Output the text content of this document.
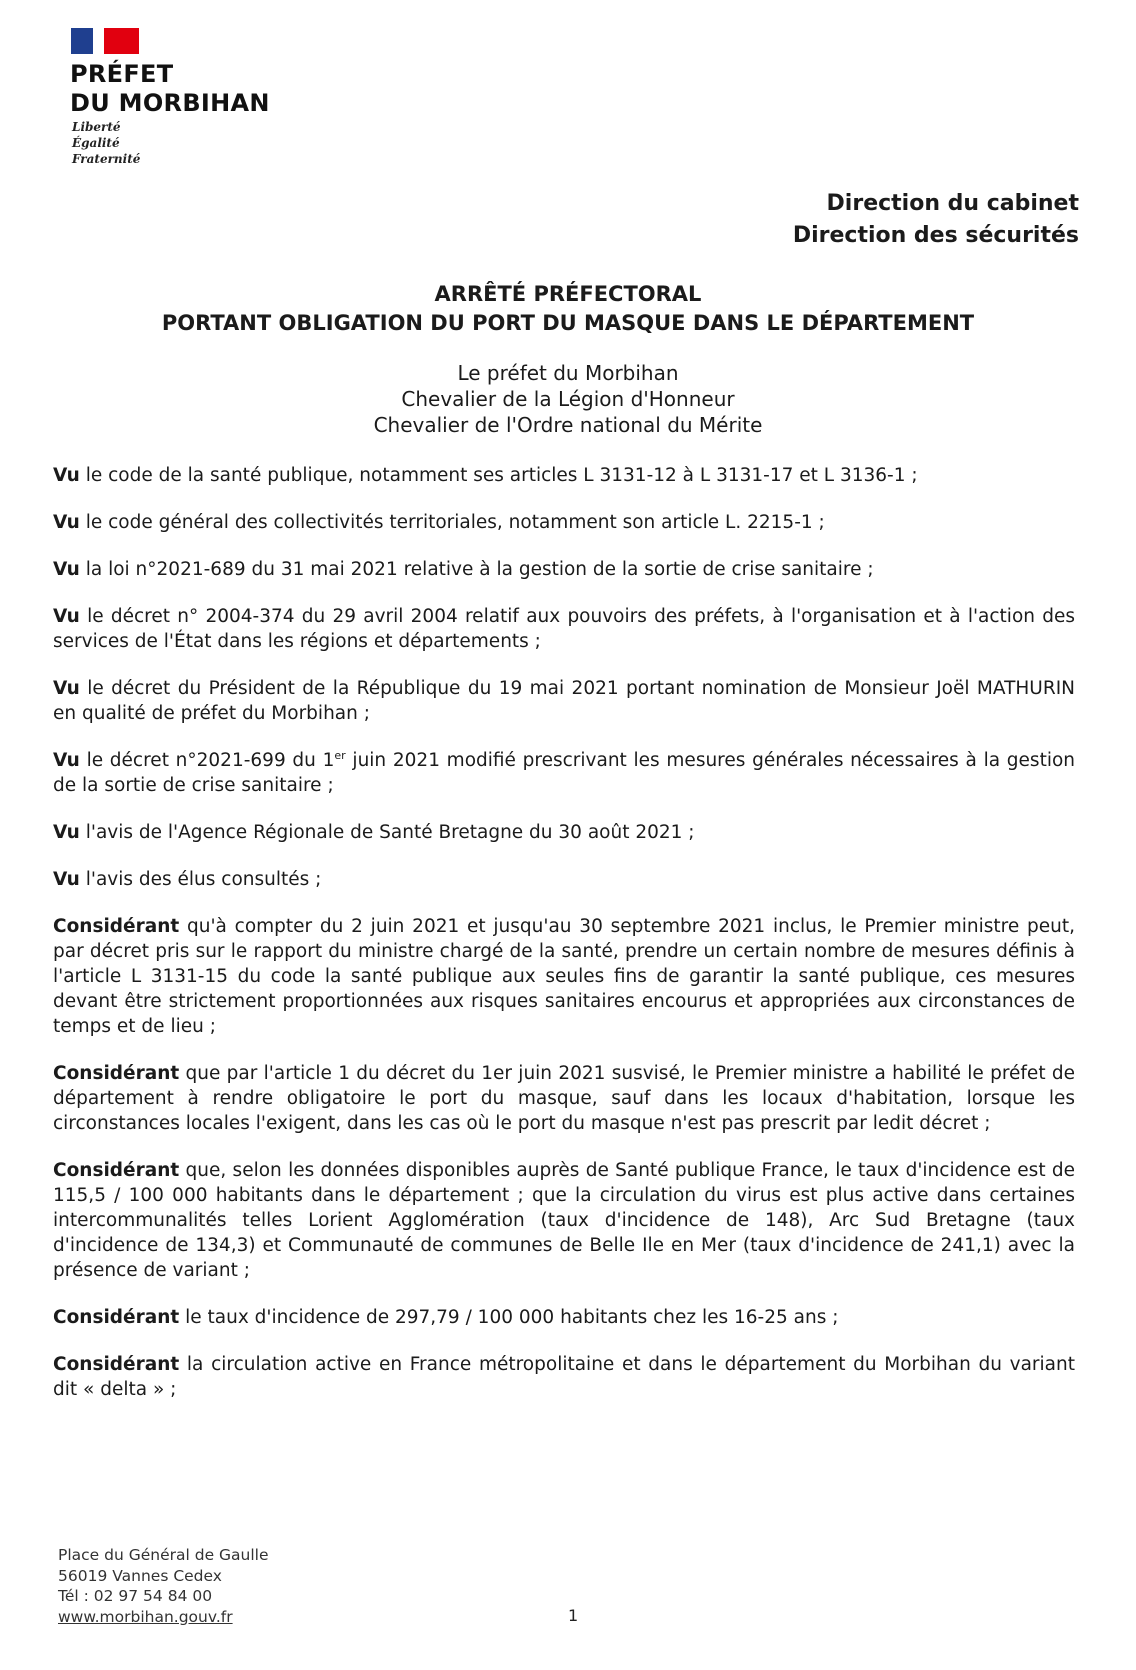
PRÉFET
DU MORBIHAN
Liberté
Égalité
Fraternité
Direction du cabinet
Direction des sécurités
ARRÊTÉ PRÉFECTORAL
PORTANT OBLIGATION DU PORT DU MASQUE DANS LE DÉPARTEMENT
Le préfet du Morbihan
Chevalier de la Légion d'Honneur
Chevalier de l'Ordre national du Mérite

Vu le code de la santé publique, notamment ses articles L 3131-12 à L 3131-17 et L 3136-1 ;

Vu le code général des collectivités territoriales, notamment son article L. 2215-1 ;

Vu la loi n°2021-689 du 31 mai 2021 relative à la gestion de la sortie de crise sanitaire ;

Vu le décret n° 2004-374 du 29 avril 2004 relatif aux pouvoirs des préfets, à l'organisation et à l'action des services de l'État dans les régions et départements ;

Vu le décret du Président de la République du 19 mai 2021 portant nomination de Monsieur Joël MATHURIN en qualité de préfet du Morbihan ;

Vu le décret n°2021-699 du 1er juin 2021 modifié prescrivant les mesures générales nécessaires à la gestion de la sortie de crise sanitaire ;

Vu l'avis de l'Agence Régionale de Santé Bretagne du 30 août 2021 ;

Vu l'avis des élus consultés ;

Considérant qu'à compter du 2 juin 2021 et jusqu'au 30 septembre 2021 inclus, le Premier ministre peut, par décret pris sur le rapport du ministre chargé de la santé, prendre un certain nombre de mesures définis à l'article L 3131-15 du code la santé publique aux seules fins de garantir la santé publique, ces mesures devant être strictement proportionnées aux risques sanitaires encourus et appropriées aux circonstances de temps et de lieu ;

Considérant que par l'article 1 du décret du 1er juin 2021 susvisé, le Premier ministre a habilité le préfet de département à rendre obligatoire le port du masque, sauf dans les locaux d'habitation, lorsque les circonstances locales l'exigent, dans les cas où le port du masque n'est pas prescrit par ledit décret ;

Considérant que, selon les données disponibles auprès de Santé publique France, le taux d'incidence est de 115,5 / 100 000 habitants dans le département ; que la circulation du virus est plus active dans certaines intercommunalités telles Lorient Agglomération (taux d'incidence de 148), Arc Sud Bretagne (taux d'incidence de 134,3) et Communauté de communes de Belle Ile en Mer (taux d'incidence de 241,1) avec la présence de variant ;

Considérant le taux d'incidence de 297,79 / 100 000 habitants chez les 16-25 ans ;

Considérant la circulation active en France métropolitaine et dans le département du Morbihan du variant dit « delta » ;

Place du Général de Gaulle
56019 Vannes Cedex
Tél : 02 97 54 84 00
www.morbihan.gouv.fr	1
